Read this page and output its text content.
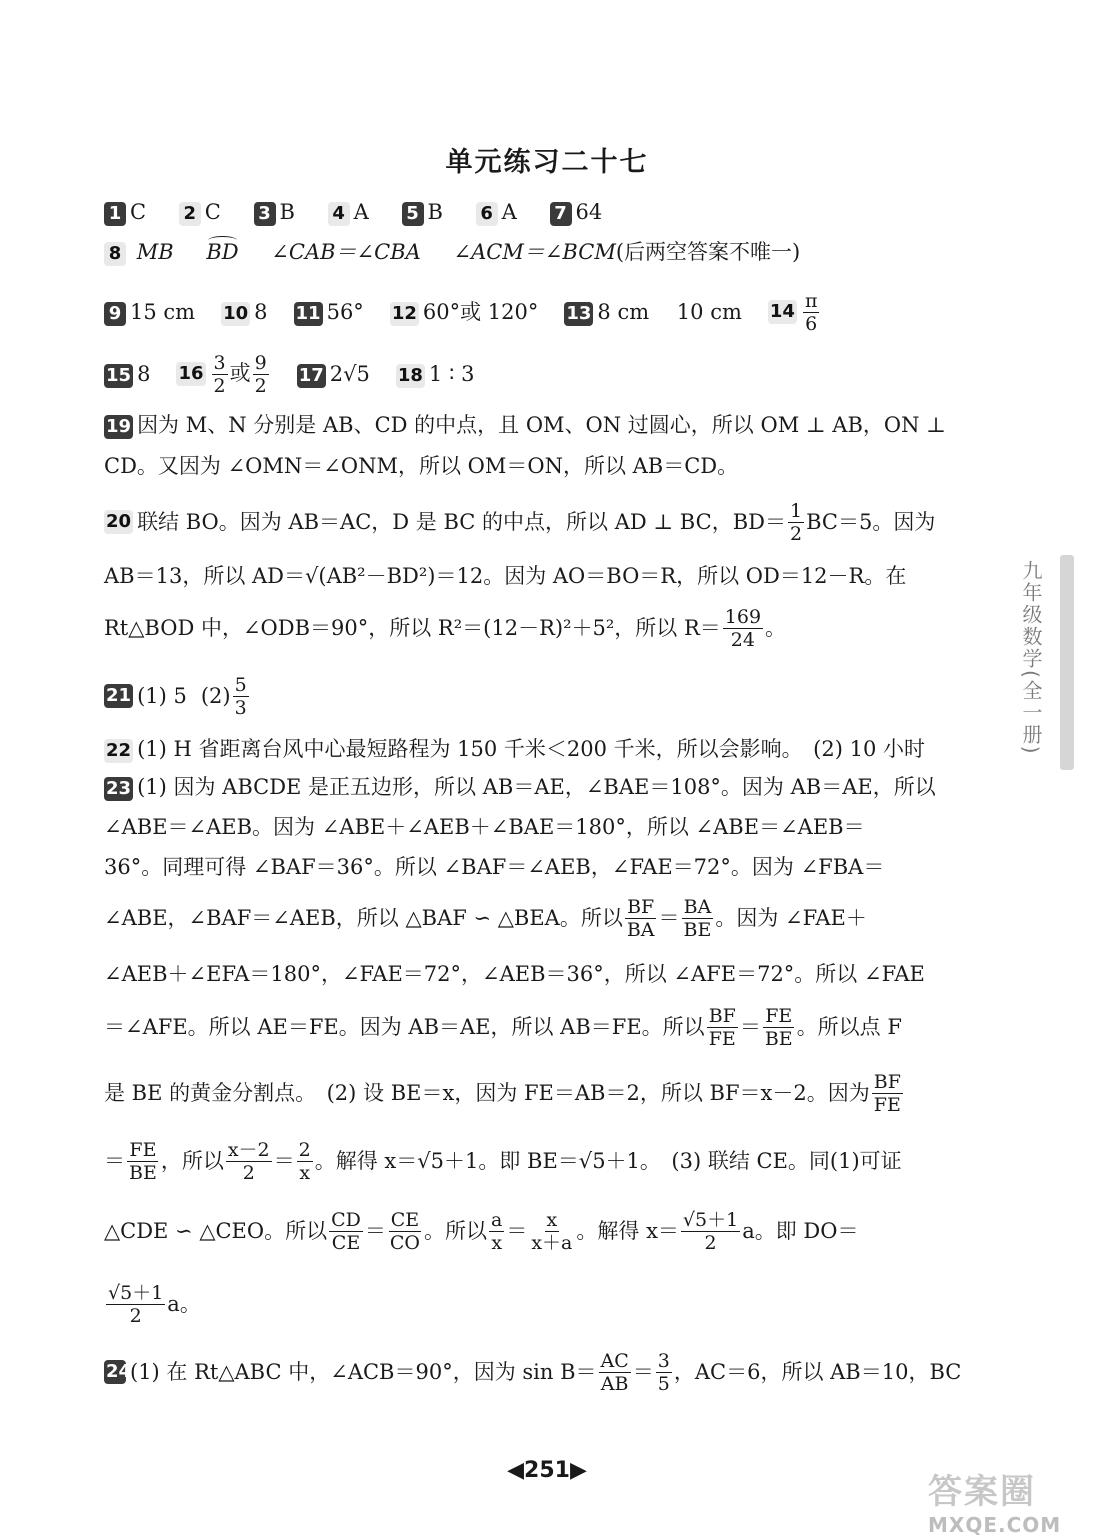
单元练习二十七
1 C 2 C 3 B 4 A 5 B 6 A 7 64
8 MB BD ∠CAB＝∠CBA ∠ACM＝∠BCM(后两空答案不唯一)
9 15 cm 10 8 11 56° 12 60°或 120° 13 8 cm　 10 cm $14 \frac{\pi}{6}$
15 8 $16 \frac{3}{2}$ 或 $\frac{9}{2} 17$ 2√5 18 1 ∶ 3
19 因为 M、N 分别是 AB、CD 的中点，且 OM、ON 过圆心，所以 OM ⊥ AB，ON ⊥
CD。又因为 ∠OMN＝∠ONM，所以 OM＝ON，所以 AB＝CD。
20 联结 BO。因为 AB＝AC，D 是 BC 的中点，所以 AD ⊥ BC，$BD= \frac{1}{2} BC=5$。因为
AB＝13，所以 AD＝√(AB²－BD²)＝12。因为 AO＝BO＝R，所以 OD＝12－R。在
Rt△BOD 中，∠ODB＝90°，所以 R²＝(12－R)²＋5²，所以 $R= \frac{169}{24}$ 。
21 (1) 5 $(2) \frac{5}{3}$
22 (1) H 省距离台风中心最短路程为 150 千米＜200 千米，所以会影响。　(2) 10 小时
23 (1) 因为 ABCDE 是正五边形，所以 AB＝AE，∠BAE＝108°。因为 AB＝AE，所以
∠ABE＝∠AEB。因为 ∠ABE＋∠AEB＋∠BAE＝180°，所以 ∠ABE＝∠AEB＝
36°。同理可得 ∠BAF＝36°。所以 ∠BAF＝∠AEB，∠FAE＝72°。因为 ∠FBA＝
∠ABE，∠BAF＝∠AEB，所以 △BAF ∽ △BEA。所以 $\frac{BF}{BA} = \frac{BA}{BE}$ 。因为 ∠FAE＋
∠AEB＋∠EFA＝180°，∠FAE＝72°，∠AEB＝36°，所以 ∠AFE＝72°。所以 ∠FAE
＝∠AFE。所以 AE＝FE。因为 AB＝AE，所以 AB＝FE。所以 $\frac{BF}{FE} = \frac{FE}{BE}$ 。所以点 F
是 BE 的黄金分割点。　(2) 设 BE＝x，因为 FE＝AB＝2，所以 BF＝x－2。因为 $\frac{BF}{FE}$
＝ $\frac{FE}{BE}$ ，所以 $\frac{x-2}{2} = \frac{2}{x}$ 。解得 x＝√5＋1。即 BE＝√5＋1。　(3) 联结 CE。同(1)可证
△CDE ∽ △CEO。所以 $\frac{CD}{CE} = \frac{CE}{CO}$ 。所以 $\frac{a}{x} = \frac{x}{x+a}$ 。解得 $x= \frac{√5+1}{2}$ a。即 DO＝
$\frac{√5+1}{2}$ a。
24
(1) 在 Rt△ABC 中，∠ACB＝90°，因为 $\sin B= \frac{AC}{AB} = \frac{3}{5}$ ，AC＝6，所以 AB＝10，BC
九年级数学(全一册)
◀251▶
答案圈
MXQE.COM
